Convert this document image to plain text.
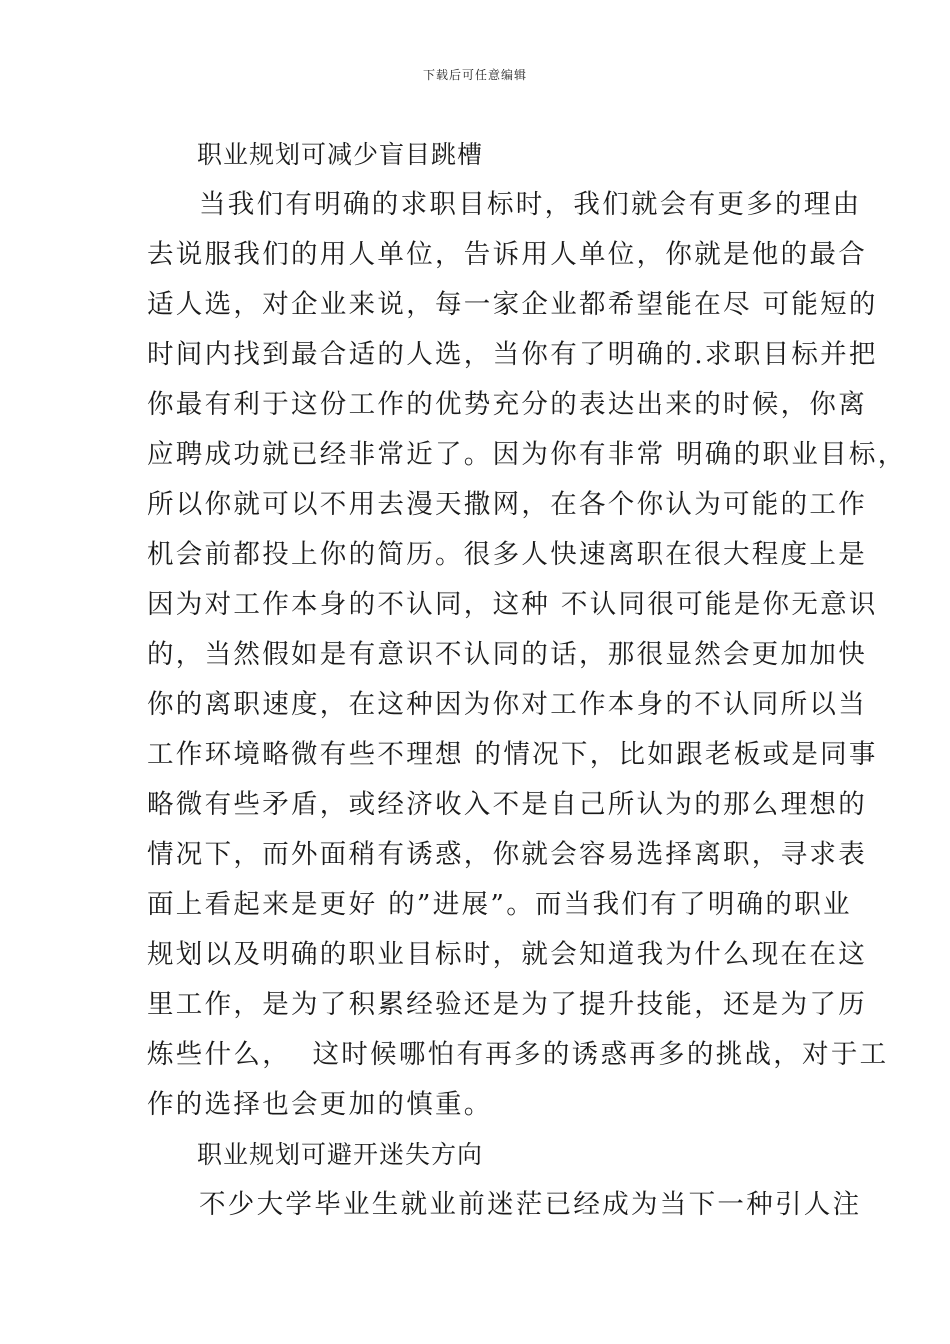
下载后可任意编辑
职业规划可减少盲目跳槽

当我们有明确的求职目标时，我们就会有更多的理由
去说服我们的用人单位，告诉用人单位，你就是他的最合
适人选，对企业来说，每一家企业都希望能在尽 可能短的
时间内找到最合适的人选，当你有了明确的.求职目标并把
你最有利于这份工作的优势充分的表达出来的时候，你离
应聘成功就已经非常近了。因为你有非常 明确的职业目标，
所以你就可以不用去漫天撒网，在各个你认为可能的工作
机会前都投上你的简历。很多人快速离职在很大程度上是
因为对工作本身的不认同，这种 不认同很可能是你无意识
的，当然假如是有意识不认同的话，那很显然会更加加快
你的离职速度，在这种因为你对工作本身的不认同所以当
工作环境略微有些不理想 的情况下，比如跟老板或是同事
略微有些矛盾，或经济收入不是自己所认为的那么理想的
情况下，而外面稍有诱惑，你就会容易选择离职，寻求表
面上看起来是更好 的”进展”。而当我们有了明确的职业
规划以及明确的职业目标时，就会知道我为什么现在在这
里工作，是为了积累经验还是为了提升技能，还是为了历
炼些什么，  这时候哪怕有再多的诱惑再多的挑战，对于工
作的选择也会更加的慎重。

职业规划可避开迷失方向

不少大学毕业生就业前迷茫已经成为当下一种引人注
